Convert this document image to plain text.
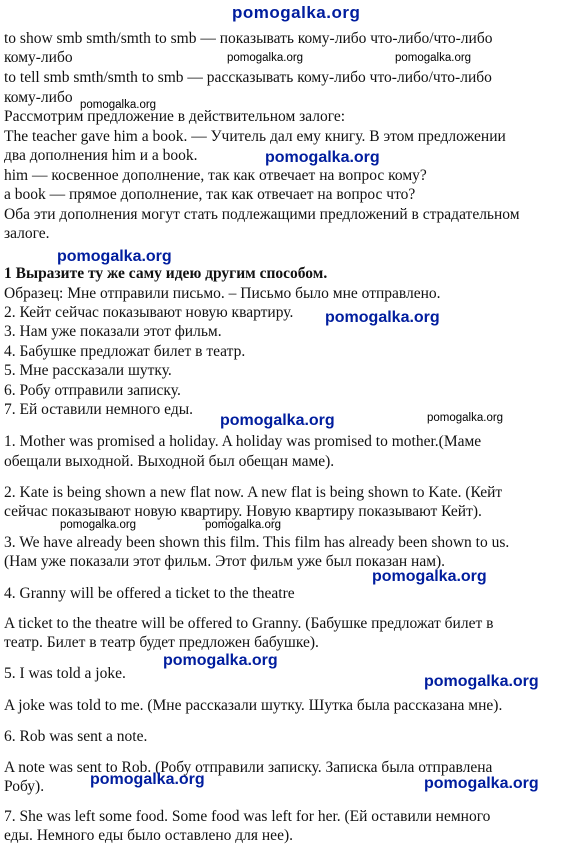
pomogalka.org
to show smb smth/smth to smb — показывать кому-либо что-либо/что-либо
кому-либо
to tell smb smth/smth to smb — рассказывать кому-либо что-либо/что-либо
кому-либо
Рассмотрим предложение в действительном залоге:
The teacher gave him a book. — Учитель дал ему книгу. В этом предложении
два дополнения him и a book.
him — косвенное дополнение, так как отвечает на вопрос кому?
a book — прямое дополнение, так как отвечает на вопрос что?
Оба эти дополнения могут стать подлежащими предложений в страдательном
залоге.
1 Выразите ту же саму идею другим способом.
Образец: Мне отправили письмо. – Письмо было мне отправлено.
2. Кейт сейчас показывают новую квартиру.
3. Нам уже показали этот фильм.
4. Бабушке предложат билет в театр.
5. Мне рассказали шутку.
6. Робу отправили записку.
7. Ей оставили немного еды.
1. Mother was promised a holiday. A holiday was promised to mother.(Маме
обещали выходной. Выходной был обещан маме).
2. Kate is being shown a new flat now. A new flat is being shown to Kate. (Кейт
сейчас показывают новую квартиру. Новую квартиру показывают Кейт).
3. We have already been shown this film. This film has already been shown to us.
(Нам уже показали этот фильм. Этот фильм уже был показан нам).
4. Granny will be offered a ticket to the theatre
A ticket to the theatre will be offered to Granny. (Бабушке предложат билет в
театр. Билет в театр будет предложен бабушке).
5. I was told a joke.
A joke was told to me. (Мне рассказали шутку. Шутка была рассказана мне).
6. Rob was sent a note.
A note was sent to Rob. (Робу отправили записку. Записка была отправлена
Робу).
7. She was left some food. Some food was left for her. (Ей оставили немного
еды. Немного еды было оставлено для нее).
pomogalka.org	pomogalka.org
pomogalka.org
pomogalka.org
pomogalka.org
pomogalka.org
pomogalka.org	pomogalka.org
pomogalka.org	pomogalka.org
pomogalka.org
pomogalka.org
pomogalka.org
pomogalka.org	pomogalka.org
